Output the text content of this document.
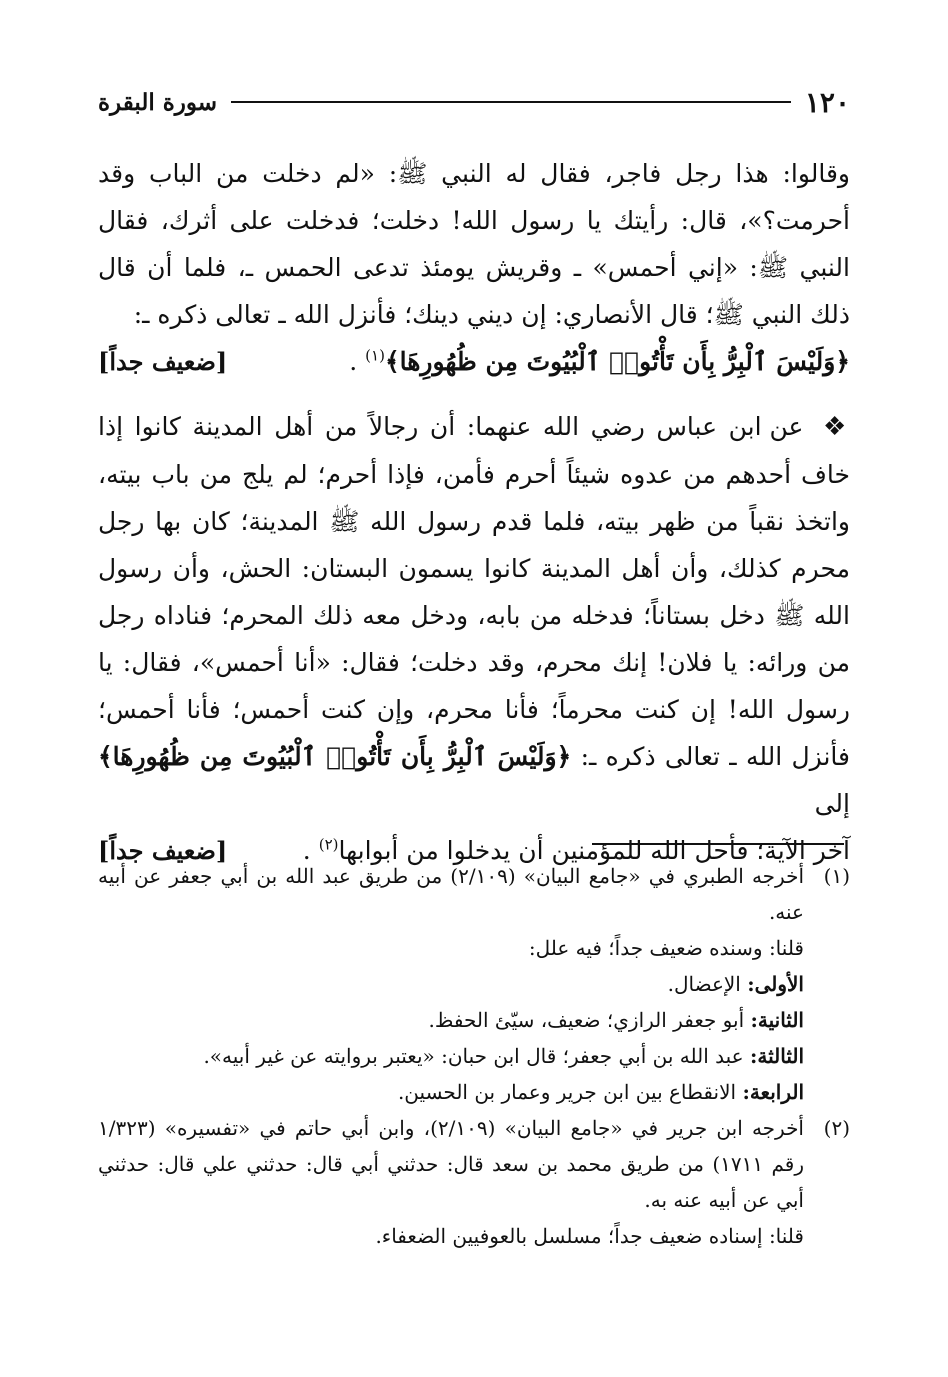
١٢٠
سورة البقرة

وقالوا: هذا رجل فاجر، فقال له النبي ﷺ: «لم دخلت من الباب وقد أحرمت؟»، قال: رأيتك يا رسول الله! دخلت؛ فدخلت على أثرك، فقال النبي ﷺ: «إني أحمس» ـ وقريش يومئذ تدعى الحمس ـ، فلما أن قال ذلك النبي ﷺ؛ قال الأنصاري: إن ديني دينك؛ فأنزل الله ـ تعالى ذكره ـ:
﴿وَلَيْسَ ٱلْبِرُّ بِأَن تَأْتُوا۟ ٱلْبُيُوتَ مِن ظُهُورِهَا﴾$^{(١)}$ .
[ضعيف جداً]

❖ عن ابن عباس رضي الله عنهما: أن رجالاً من أهل المدينة كانوا إذا خاف أحدهم من عدوه شيئاً أحرم فأمن، فإذا أحرم؛ لم يلج من باب بيته، واتخذ نقباً من ظهر بيته، فلما قدم رسول الله ﷺ المدينة؛ كان بها رجل محرم كذلك، وأن أهل المدينة كانوا يسمون البستان: الحش، وأن رسول الله ﷺ دخل بستاناً؛ فدخله من بابه، ودخل معه ذلك المحرم؛ فناداه رجل من ورائه: يا فلان! إنك محرم، وقد دخلت؛ فقال: «أنا أحمس»، فقال: يا رسول الله! إن كنت محرماً؛ فأنا محرم، وإن كنت أحمس؛ فأنا أحمس؛ فأنزل الله ـ تعالى ذكره ـ: ﴿وَلَيْسَ ٱلْبِرُّ بِأَن تَأْتُوا۟ ٱلْبُيُوتَ مِن ظُهُورِهَا﴾ إلى
آخر الآية؛ فأحل الله للمؤمنين أن يدخلوا من أبوابها$^{(٢)}$ .
[ضعيف جداً]

(١)

أخرجه الطبري في «جامع البيان» (٢/١٠٩) من طريق عبد الله بن أبي جعفر عن أبيه عنه.

قلنا: وسنده ضعيف جداً؛ فيه علل:

الأولى: الإعضال.

الثانية: أبو جعفر الرازي؛ ضعيف، سيّئ الحفظ.

الثالثة: عبد الله بن أبي جعفر؛ قال ابن حبان: «يعتبر بروايته عن غير أبيه».

الرابعة: الانقطاع بين ابن جرير وعمار بن الحسين.

(٢)

أخرجه ابن جرير في «جامع البيان» (٢/١٠٩)، وابن أبي حاتم في «تفسيره» (١/٣٢٣ رقم ١٧١١) من طريق محمد بن سعد قال: حدثني أبي قال: حدثني علي قال: حدثني أبي عن أبيه عنه به.

قلنا: إسناده ضعيف جداً؛ مسلسل بالعوفيين الضعفاء.
